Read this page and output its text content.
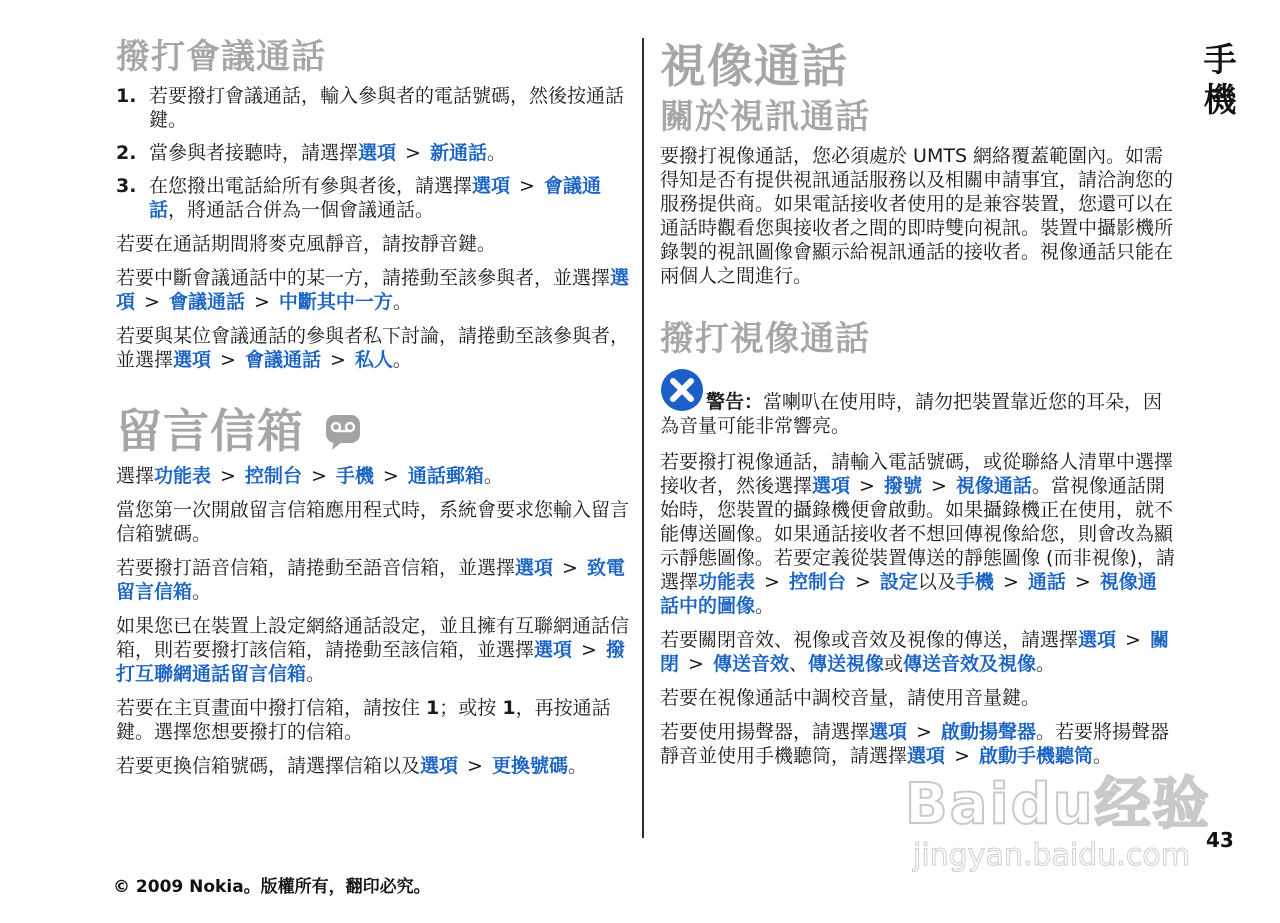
撥打會議通話
1. 若要撥打會議通話，輸入參與者的電話號碼，然後按通話鍵。
2. 當參與者接聽時，請選擇選項 > 新通話。
3. 在您撥出電話給所有參與者後，請選擇選項 > 會議通話，將通話合併為一個會議通話。

若要在通話期間將麥克風靜音，請按靜音鍵。

若要中斷會議通話中的某一方，請捲動至該參與者，並選擇選項 > 會議通話 > 中斷其中一方。

若要與某位會議通話的參與者私下討論，請捲動至該參與者，並選擇選項 > 會議通話 > 私人。

留言信箱

選擇功能表 > 控制台 > 手機 > 通話郵箱。

當您第一次開啟留言信箱應用程式時，系統會要求您輸入留言信箱號碼。

若要撥打語音信箱，請捲動至語音信箱，並選擇選項 > 致電留言信箱。

如果您已在裝置上設定網絡通話設定，並且擁有互聯網通話信箱，則若要撥打該信箱，請捲動至該信箱，並選擇選項 > 撥打互聯網通話留言信箱。

若要在主頁畫面中撥打信箱，請按住 1；或按 1，再按通話鍵。選擇您想要撥打的信箱。

若要更換信箱號碼，請選擇信箱以及選項 > 更換號碼。

視像通話
關於視訊通話

要撥打視像通話，您必須處於 UMTS 網絡覆蓋範圍內。如需得知是否有提供視訊通話服務以及相關申請事宜，請洽詢您的服務提供商。如果電話接收者使用的是兼容裝置，您還可以在通話時觀看您與接收者之間的即時雙向視訊。裝置中攝影機所錄製的視訊圖像會顯示給視訊通話的接收者。視像通話只能在兩個人之間進行。

撥打視像通話

警告：當喇叭在使用時，請勿把裝置靠近您的耳朵，因為音量可能非常響亮。

若要撥打視像通話，請輸入電話號碼，或從聯絡人清單中選擇接收者，然後選擇選項 > 撥號 > 視像通話。當視像通話開始時，您裝置的攝錄機便會啟動。如果攝錄機正在使用，就不能傳送圖像。如果通話接收者不想回傳視像給您，則會改為顯示靜態圖像。若要定義從裝置傳送的靜態圖像 (而非視像)，請選擇功能表 > 控制台 > 設定以及手機 > 通話 > 視像通話中的圖像。

若要關閉音效、視像或音效及視像的傳送，請選擇選項 > 關閉 > 傳送音效、傳送視像或傳送音效及視像。

若要在視像通話中調校音量，請使用音量鍵。

若要使用揚聲器，請選擇選項 > 啟動揚聲器。若要將揚聲器靜音並使用手機聽筒，請選擇選項 > 啟動手機聽筒。

手機
43
© 2009 Nokia。版權所有，翻印必究。
Baidu经验
jingyan.baidu.com
